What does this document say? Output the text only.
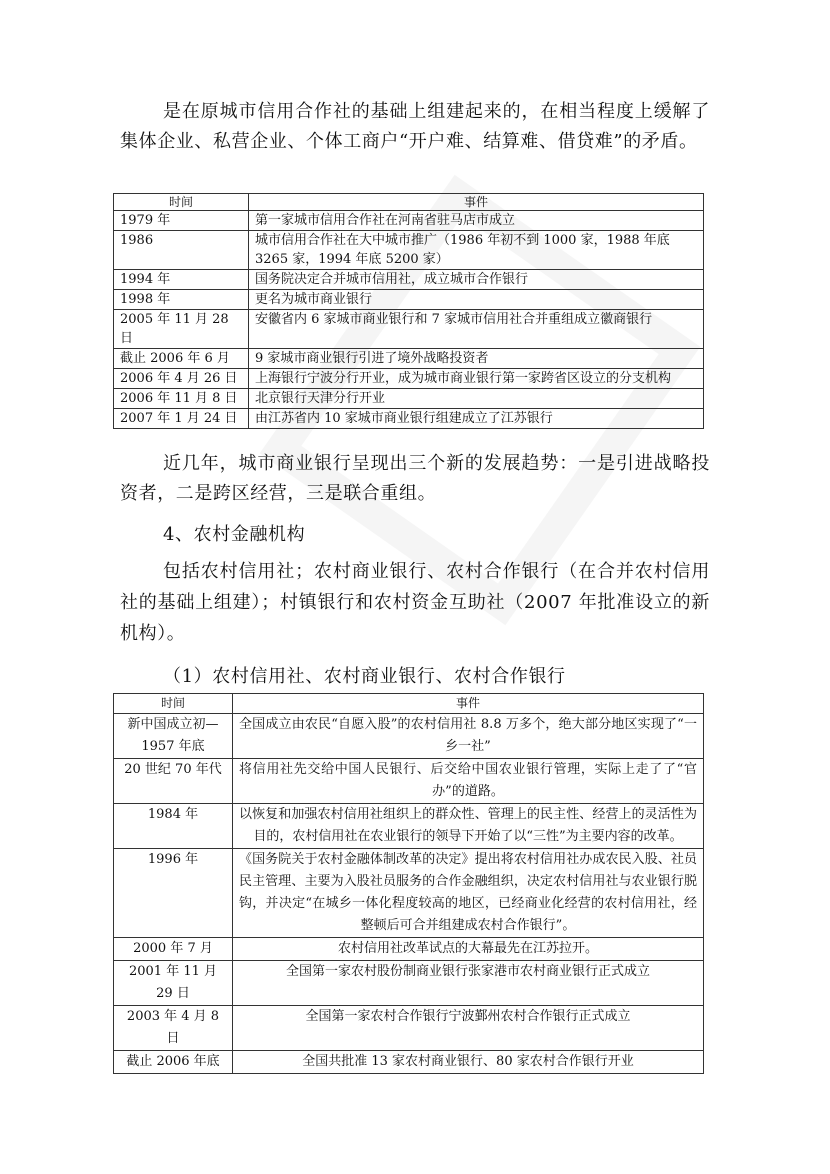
是在原城市信用合作社的基础上组建起来的，在相当程度上缓解了集体企业、私营企业、个体工商户“开户难、结算难、借贷难”的矛盾。
时间	事件
1979 年	第一家城市信用合作社在河南省驻马店市成立
1986	城市信用合作社在大中城市推广（1986 年初不到 1000 家，1988 年底 3265 家，1994 年底 5200 家）
1994 年	国务院决定合并城市信用社，成立城市合作银行
1998 年	更名为城市商业银行
2005 年 11 月 28 日	安徽省内 6 家城市商业银行和 7 家城市信用社合并重组成立徽商银行
截止 2006 年 6 月	9 家城市商业银行引进了境外战略投资者
2006 年 4 月 26 日	上海银行宁波分行开业，成为城市商业银行第一家跨省区设立的分支机构
2006 年 11 月 8 日	北京银行天津分行开业
2007 年 1 月 24 日	由江苏省内 10 家城市商业银行组建成立了江苏银行
近几年，城市商业银行呈现出三个新的发展趋势：一是引进战略投资者，二是跨区经营，三是联合重组。
4、农村金融机构
包括农村信用社；农村商业银行、农村合作银行（在合并农村信用社的基础上组建）；村镇银行和农村资金互助社（2007 年批准设立的新机构）。
（1）农村信用社、农村商业银行、农村合作银行
时间	事件
新中国成立初—1957 年底	全国成立由农民“自愿入股”的农村信用社 8.8 万多个，绝大部分地区实现了“一乡一社”
20 世纪 70 年代	将信用社先交给中国人民银行、后交给中国农业银行管理，实际上走了了“官办”的道路。
1984 年	以恢复和加强农村信用社组织上的群众性、管理上的民主性、经营上的灵活性为目的，农村信用社在农业银行的领导下开始了以“三性”为主要内容的改革。
1996 年	《国务院关于农村金融体制改革的决定》提出将农村信用社办成农民入股、社员民主管理、主要为入股社员服务的合作金融组织，决定农村信用社与农业银行脱钩，并决定“在城乡一体化程度较高的地区，已经商业化经营的农村信用社，经整顿后可合并组建成农村合作银行”。
2000 年 7 月	农村信用社改革试点的大幕最先在江苏拉开。
2001 年 11 月 29 日	全国第一家农村股份制商业银行张家港市农村商业银行正式成立
2003 年 4 月 8 日	全国第一家农村合作银行宁波鄞州农村合作银行正式成立
截止 2006 年底	全国共批准 13 家农村商业银行、80 家农村合作银行开业
